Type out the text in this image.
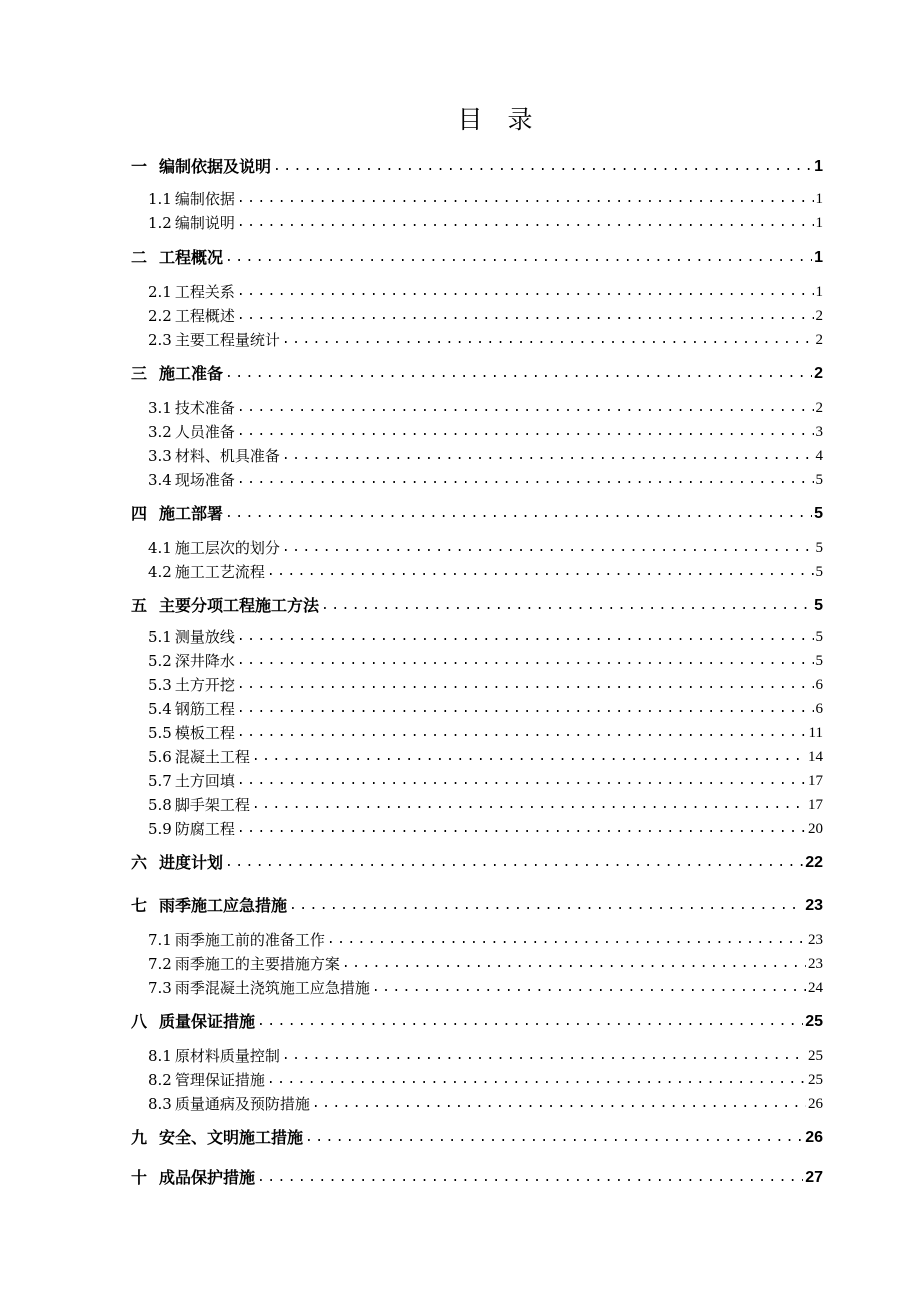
目　录
一 编制依据及说明 .....	1
1.1 编制依据 .....	1
1.2 编制说明 .....	1
二 工程概况 .....	1
2.1 工程关系 .....	1
2.2 工程概述 .....	2
2.3 主要工程量统计 .....	2
三 施工准备 .....	2
3.1 技术准备 .....	2
3.2 人员准备 .....	3
3.3 材料、机具准备 .....	4
3.4 现场准备 .....	5
四 施工部署 .....	5
4.1 施工层次的划分 .....	5
4.2 施工工艺流程 .....	5
五 主要分项工程施工方法 .....	5
5.1 测量放线 .....	5
5.2 深井降水 .....	5
5.3 土方开挖 .....	6
5.4 钢筋工程 .....	6
5.5 模板工程 .....	11
5.6 混凝土工程 .....	14
5.7 土方回填 .....	17
5.8 脚手架工程 .....	17
5.9 防腐工程 .....	20
六 进度计划 .....	22
七 雨季施工应急措施 .....	23
7.1 雨季施工前的准备工作 .....	23
7.2 雨季施工的主要措施方案 .....	23
7.3 雨季混凝土浇筑施工应急措施 .....	24
八 质量保证措施 .....	25
8.1 原材料质量控制 .....	25
8.2 管理保证措施 .....	25
8.3 质量通病及预防措施 .....	26
九 安全、文明施工措施 .....	26
十 成品保护措施 .....	27
